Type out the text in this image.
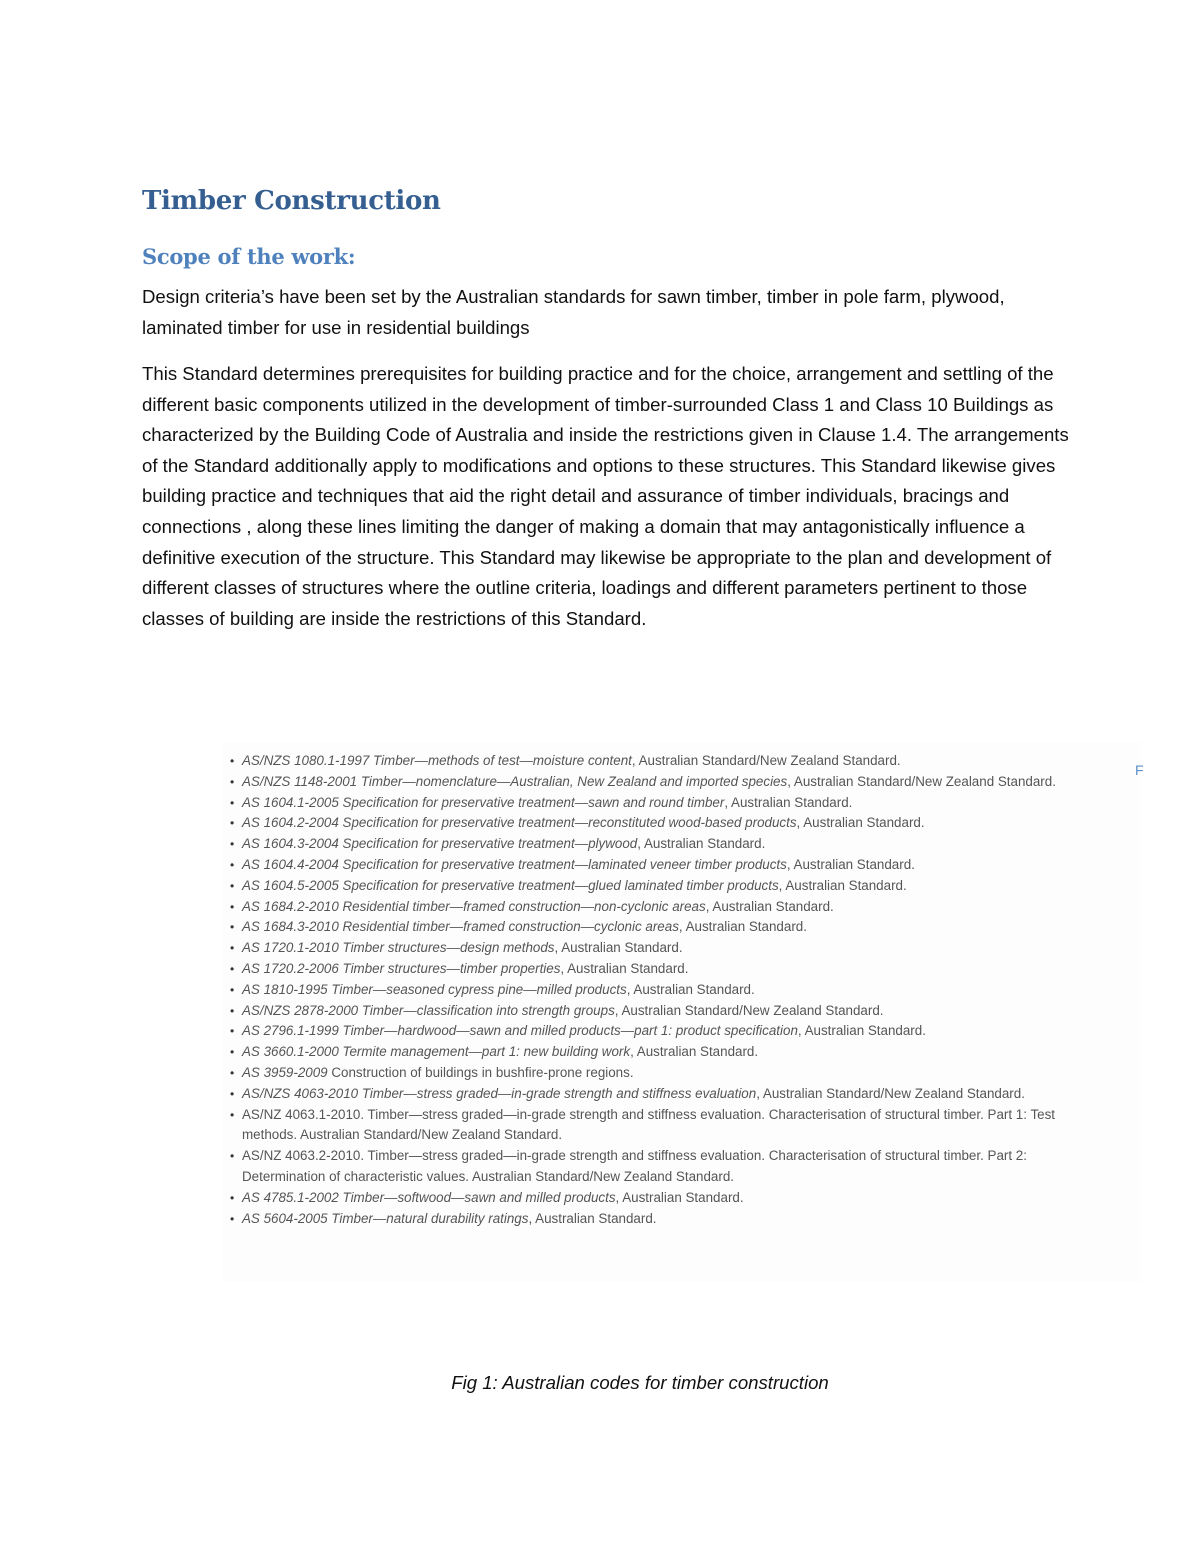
Timber Construction
Scope of the work:

Design criteria’s have been set by the Australian standards for sawn timber, timber in pole farm, plywood, laminated timber for use in residential buildings

This Standard determines prerequisites for building practice and for the choice, arrangement and settling of the different basic components utilized in the development of timber-surrounded Class 1 and Class 10 Buildings as characterized by the Building Code of Australia and inside the restrictions given in Clause 1.4. The arrangements of the Standard additionally apply to modifications and options to these structures. This Standard likewise gives building practice and techniques that aid the right detail and assurance of timber individuals, bracings and connections , along these lines limiting the danger of making a domain that may antagonistically influence a definitive execution of the structure. This Standard may likewise be appropriate to the plan and development of different classes of structures where the outline criteria, loadings and different parameters pertinent to those classes of building are inside the restrictions of this Standard.

F
• AS/NZS 1080.1-1997 Timber—methods of test—moisture content, Australian Standard/New Zealand Standard.
• AS/NZS 1148-2001 Timber—nomenclature—Australian, New Zealand and imported species, Australian Standard/New Zealand Standard.
• AS 1604.1-2005 Specification for preservative treatment—sawn and round timber, Australian Standard.
• AS 1604.2-2004 Specification for preservative treatment—reconstituted wood-based products, Australian Standard.
• AS 1604.3-2004 Specification for preservative treatment—plywood, Australian Standard.
• AS 1604.4-2004 Specification for preservative treatment—laminated veneer timber products, Australian Standard.
• AS 1604.5-2005 Specification for preservative treatment—glued laminated timber products, Australian Standard.
• AS 1684.2-2010 Residential timber—framed construction—non-cyclonic areas, Australian Standard.
• AS 1684.3-2010 Residential timber—framed construction—cyclonic areas, Australian Standard.
• AS 1720.1-2010 Timber structures—design methods, Australian Standard.
• AS 1720.2-2006 Timber structures—timber properties, Australian Standard.
• AS 1810-1995 Timber—seasoned cypress pine—milled products, Australian Standard.
• AS/NZS 2878-2000 Timber—classification into strength groups, Australian Standard/New Zealand Standard.
• AS 2796.1-1999 Timber—hardwood—sawn and milled products—part 1: product specification, Australian Standard.
• AS 3660.1-2000 Termite management—part 1: new building work, Australian Standard.
• AS 3959-2009 Construction of buildings in bushfire-prone regions.
• AS/NZS 4063-2010 Timber—stress graded—in-grade strength and stiffness evaluation, Australian Standard/New Zealand Standard.
• AS/NZ 4063.1-2010. Timber—stress graded—in-grade strength and stiffness evaluation. Characterisation of structural timber. Part 1: Test methods. Australian Standard/New Zealand Standard.
• AS/NZ 4063.2-2010. Timber—stress graded—in-grade strength and stiffness evaluation. Characterisation of structural timber. Part 2: Determination of characteristic values. Australian Standard/New Zealand Standard.
• AS 4785.1-2002 Timber—softwood—sawn and milled products, Australian Standard.
• AS 5604-2005 Timber—natural durability ratings, Australian Standard.

Fig 1: Australian codes for timber construction
